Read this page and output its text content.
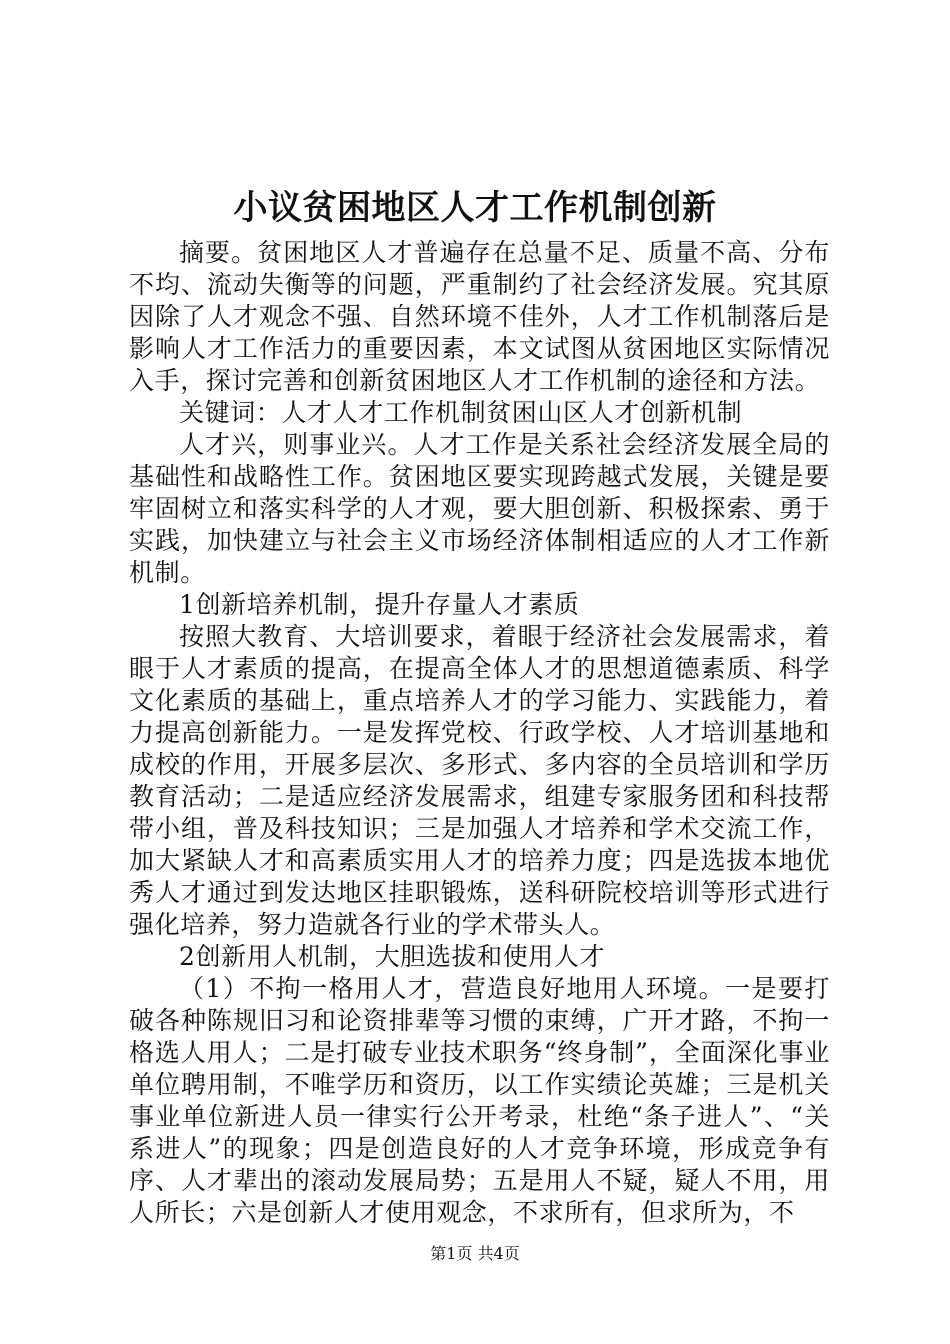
小议贫困地区人才工作机制创新

摘要。贫困地区人才普遍存在总量不足、质量不高、分布不均、流动失衡等的问题，严重制约了社会经济发展。究其原因除了人才观念不强、自然环境不佳外，人才工作机制落后是影响人才工作活力的重要因素，本文试图从贫困地区实际情况入手，探讨完善和创新贫困地区人才工作机制的途径和方法。

关键词：人才人才工作机制贫困山区人才创新机制

人才兴，则事业兴。人才工作是关系社会经济发展全局的基础性和战略性工作。贫困地区要实现跨越式发展，关键是要牢固树立和落实科学的人才观，要大胆创新、积极探索、勇于实践，加快建立与社会主义市场经济体制相适应的人才工作新机制。

1创新培养机制，提升存量人才素质

按照大教育、大培训要求，着眼于经济社会发展需求，着眼于人才素质的提高，在提高全体人才的思想道德素质、科学文化素质的基础上，重点培养人才的学习能力、实践能力，着力提高创新能力。一是发挥党校、行政学校、人才培训基地和成校的作用，开展多层次、多形式、多内容的全员培训和学历教育活动；二是适应经济发展需求，组建专家服务团和科技帮带小组，普及科技知识；三是加强人才培养和学术交流工作，加大紧缺人才和高素质实用人才的培养力度；四是选拔本地优秀人才通过到发达地区挂职锻炼，送科研院校培训等形式进行强化培养，努力造就各行业的学术带头人。

2创新用人机制，大胆选拔和使用人才

（1）不拘一格用人才，营造良好地用人环境。一是要打破各种陈规旧习和论资排辈等习惯的束缚，广开才路，不拘一格选人用人；二是打破专业技术职务“终身制”，全面深化事业单位聘用制，不唯学历和资历，以工作实绩论英雄；三是机关事业单位新进人员一律实行公开考录，杜绝“条子进人”、“关系进人”的现象；四是创造良好的人才竞争环境，形成竞争有序、人才辈出的滚动发展局势；五是用人不疑，疑人不用，用人所长；六是创新人才使用观念，不求所有，但求所为，不

第1页 共4页
